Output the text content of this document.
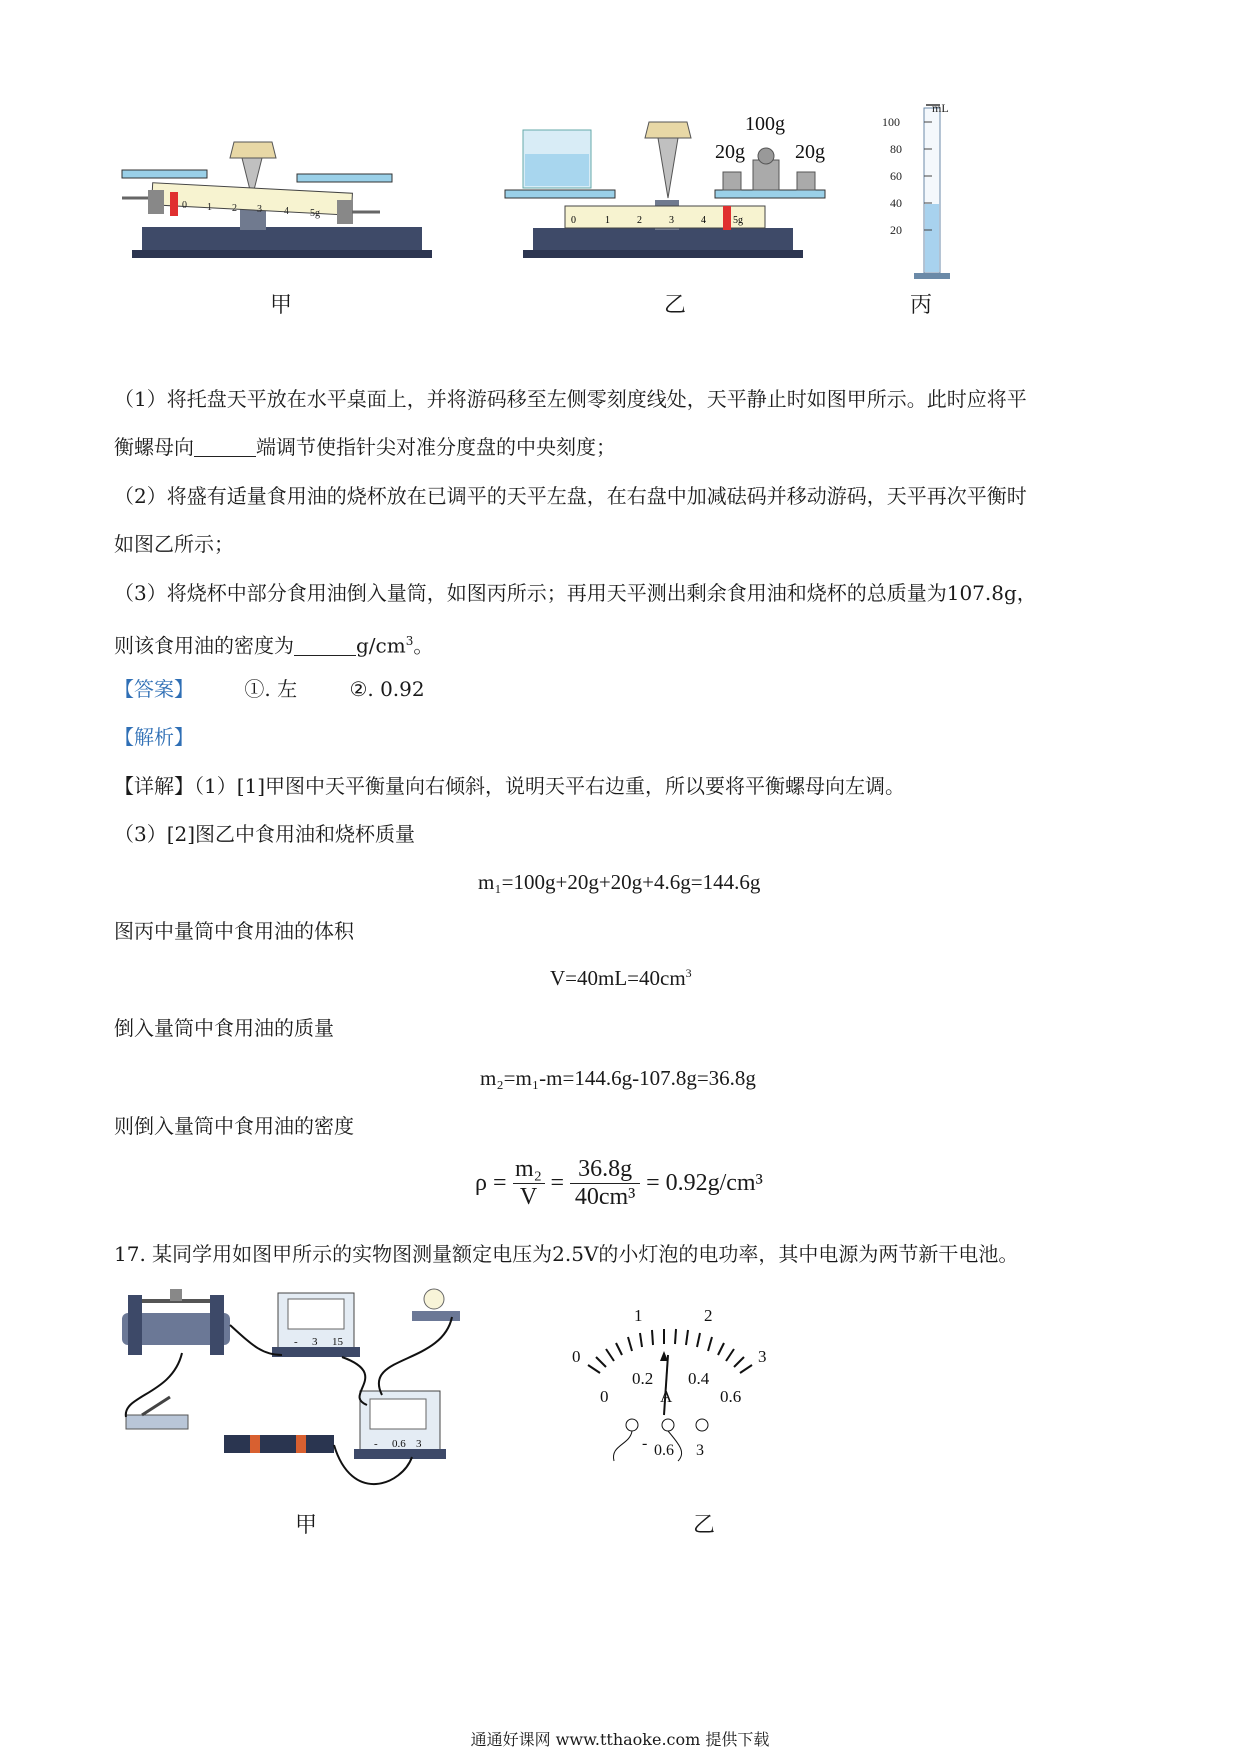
0 1 2 3 4 5g
甲
0	1	2	3	4	5g
20g
100g
20g
乙
mL
100
80
60
40
20
丙
（1）将托盘天平放在水平桌面上，并将游码移至左侧零刻度线处，天平静止时如图甲所示。此时应将平
衡螺母向	端调节使指针尖对准分度盘的中央刻度；
（2）将盛有适量食用油的烧杯放在已调平的天平左盘，在右盘中加减砝码并移动游码，天平再次平衡时
如图乙所示；
（3）将烧杯中部分食用油倒入量筒，如图丙所示；再用天平测出剩余食用油和烧杯的总质量为107.8g，
则该食用油的密度为	$g/cm^3$。
【答案】	①. 左	②. 0.92
【解析】
【详解】（1）[1]甲图中天平衡量向右倾斜，说明天平右边重，所以要将平衡螺母向左调。
（3）[2]图乙中食用油和烧杯质量
m₁=100g+20g+20g+4.6g=144.6g
图丙中量筒中食用油的体积
$V=40mL=40cm^3$
倒入量筒中食用油的质量
m₂=m₁-m=144.6g-107.8g=36.8g
则倒入量筒中食用油的密度
ρ =
m₂
V
=
36.8g
40cm³
= 0.92g/cm³
17. 某同学用如图甲所示的实物图测量额定电压为2.5V的小灯泡的电功率，其中电源为两节新干电池。
- 3 15
- 0.6 3
甲
0
1	2
3
0
0.2 0.4
0.6
A
- 0.6 3
乙
通通好课网 www.tthaoke.com 提供下载
